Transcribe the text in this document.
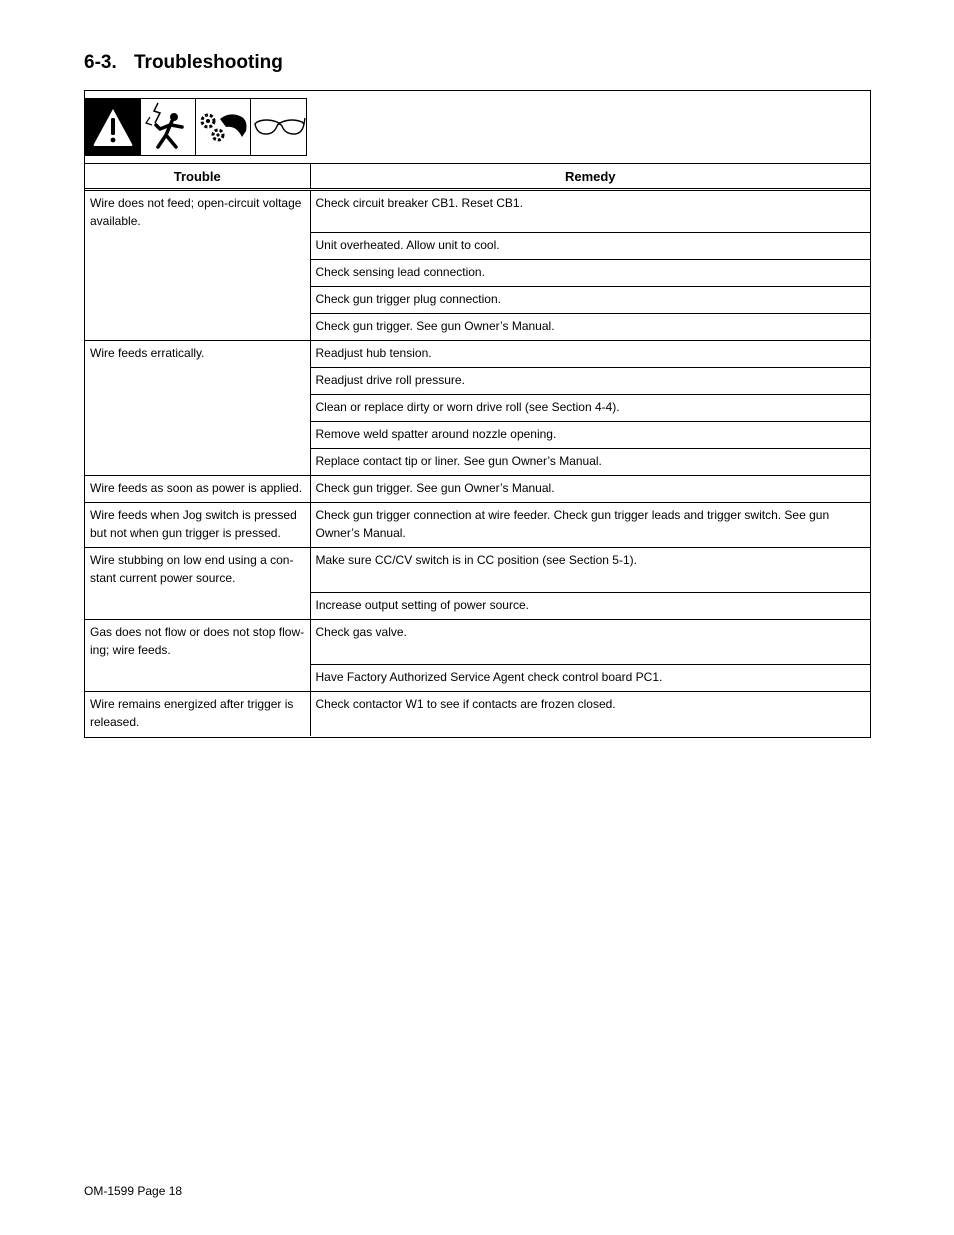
6-3. Troubleshooting
Trouble	Remedy
Wire does not feed; open-circuit voltage available.	Check circuit breaker CB1. Reset CB1.
	Unit overheated. Allow unit to cool.
	Check sensing lead connection.
	Check gun trigger plug connection.
	Check gun trigger. See gun Owner’s Manual.
Wire feeds erratically.	Readjust hub tension.
	Readjust drive roll pressure.
	Clean or replace dirty or worn drive roll (see Section 4-4).
	Remove weld spatter around nozzle opening.
	Replace contact tip or liner. See gun Owner’s Manual.
Wire feeds as soon as power is applied.	Check gun trigger. See gun Owner’s Manual.
Wire feeds when Jog switch is pressed but not when gun trigger is pressed.	Check gun trigger connection at wire feeder. Check gun trigger leads and trigger switch. See gun Owner’s Manual.
Wire stubbing on low end using a con- stant current power source.	Make sure CC/CV switch is in CC position (see Section 5-1).
	Increase output setting of power source.
Gas does not flow or does not stop flow- ing; wire feeds.	Check gas valve.
	Have Factory Authorized Service Agent check control board PC1.
Wire remains energized after trigger is released.	Check contactor W1 to see if contacts are frozen closed.
OM-1599 Page 18
